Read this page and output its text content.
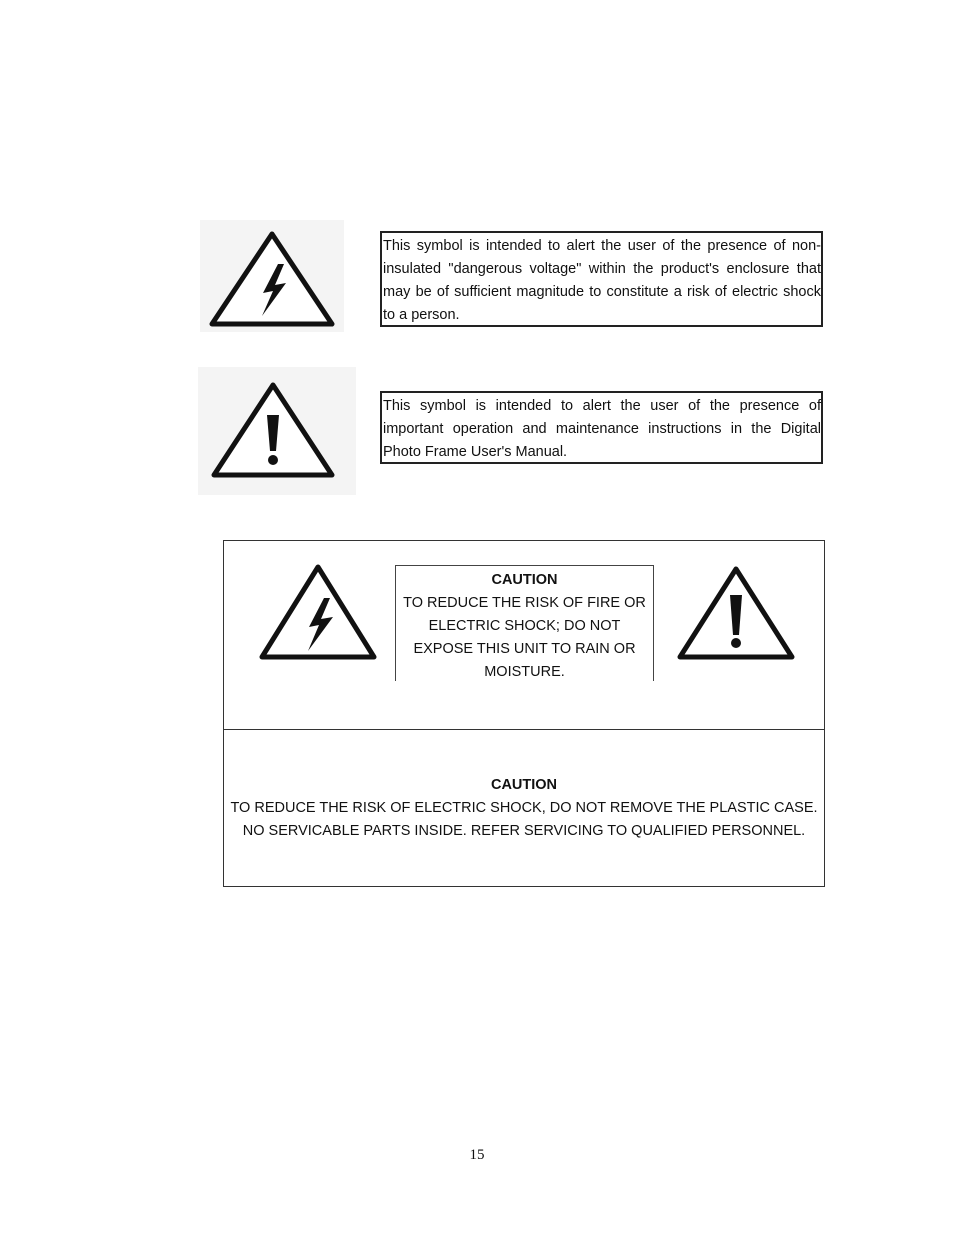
This symbol is intended to alert the user of the presence of non-insulated "dangerous voltage" within the product's enclosure that may be of sufficient magnitude to constitute a risk of electric shock to a person.

This symbol is intended to alert the user of the presence of important operation and maintenance instructions in the Digital Photo Frame User's Manual.

CAUTION
TO REDUCE THE RISK OF FIRE OR
ELECTRIC SHOCK; DO NOT
EXPOSE THIS UNIT TO RAIN OR
MOISTURE.
CAUTION
TO REDUCE THE RISK OF ELECTRIC SHOCK, DO NOT REMOVE THE PLASTIC CASE.
NO SERVICABLE PARTS INSIDE. REFER SERVICING TO QUALIFIED PERSONNEL.
15
